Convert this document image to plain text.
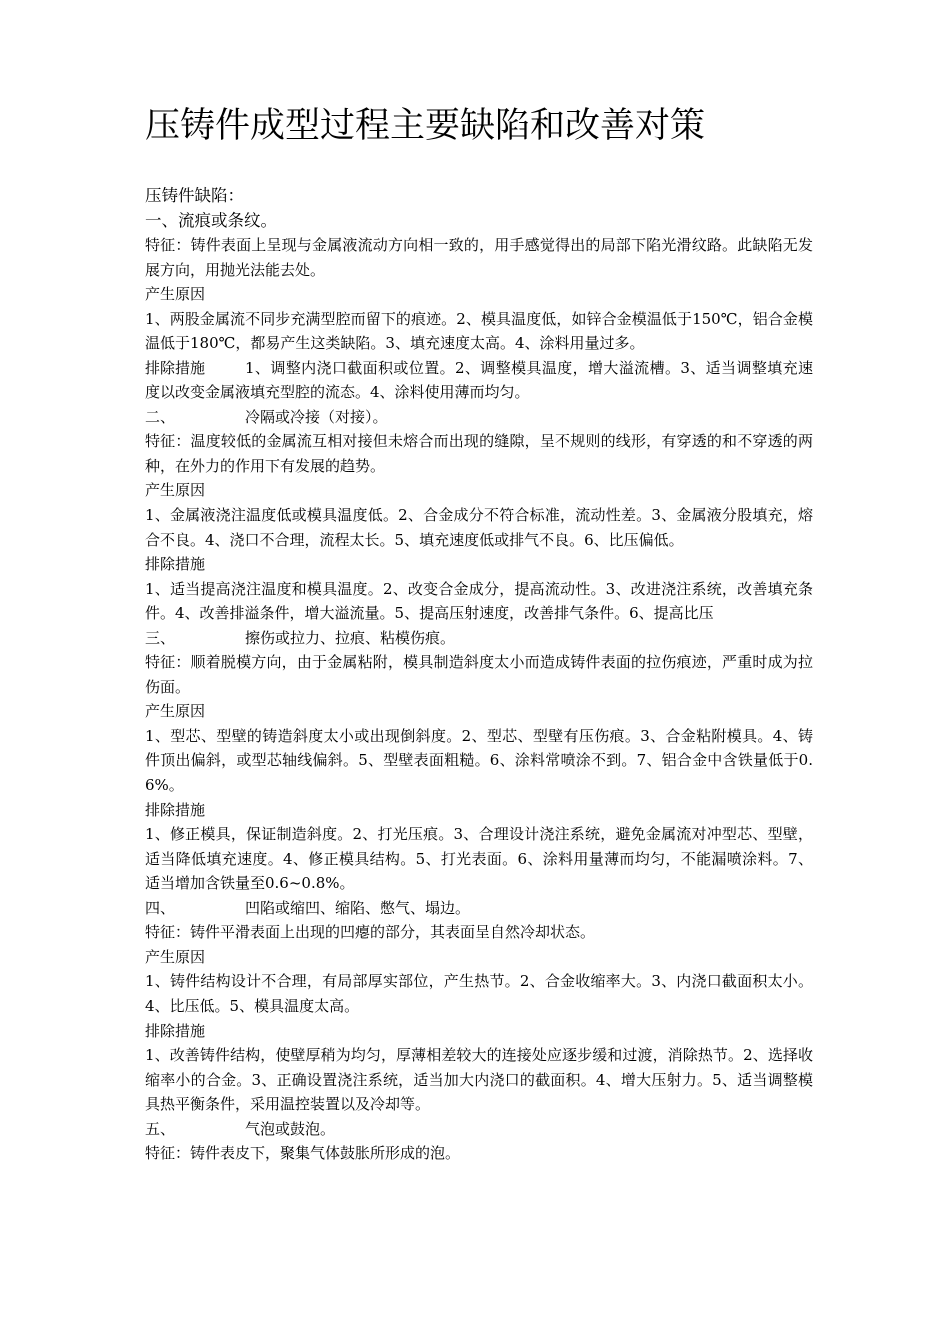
压铸件成型过程主要缺陷和改善对策

压铸件缺陷：

一、流痕或条纹。

特征：铸件表面上呈现与金属液流动方向相一致的，用手感觉得出的局部下陷光滑纹路。此缺陷无发展方向，用抛光法能去处。

产生原因

1、两股金属流不同步充满型腔而留下的痕迹。2、模具温度低，如锌合金模温低于150℃，铝合金模温低于180℃，都易产生这类缺陷。3、填充速度太高。4、涂料用量过多。

排除措施	1、调整内浇口截面积或位置。2、调整模具温度，增大溢流槽。3、适当调整填充速度以改变金属液填充型腔的流态。4、涂料使用薄而均匀。

二、	冷隔或冷接（对接）。

特征：温度较低的金属流互相对接但未熔合而出现的缝隙，呈不规则的线形，有穿透的和不穿透的两种，在外力的作用下有发展的趋势。

产生原因

1、金属液浇注温度低或模具温度低。2、合金成分不符合标准，流动性差。3、金属液分股填充，熔合不良。4、浇口不合理，流程太长。5、填充速度低或排气不良。6、比压偏低。

排除措施

1、适当提高浇注温度和模具温度。2、改变合金成分，提高流动性。3、改进浇注系统，改善填充条件。4、改善排溢条件，增大溢流量。5、提高压射速度，改善排气条件。6、提高比压

三、	擦伤或拉力、拉痕、粘模伤痕。

特征：顺着脱模方向，由于金属粘附，模具制造斜度太小而造成铸件表面的拉伤痕迹，严重时成为拉伤面。

产生原因

1、型芯、型壁的铸造斜度太小或出现倒斜度。2、型芯、型壁有压伤痕。3、合金粘附模具。4、铸件顶出偏斜，或型芯轴线偏斜。5、型壁表面粗糙。6、涂料常喷涂不到。7、铝合金中含铁量低于0.6%。

排除措施

1、修正模具，保证制造斜度。2、打光压痕。3、合理设计浇注系统，避免金属流对冲型芯、型壁，适当降低填充速度。4、修正模具结构。5、打光表面。6、涂料用量薄而均匀，不能漏喷涂料。7、适当增加含铁量至0.6~0.8%。

四、	凹陷或缩凹、缩陷、憋气、塌边。

特征：铸件平滑表面上出现的凹瘪的部分，其表面呈自然冷却状态。

产生原因

1、铸件结构设计不合理，有局部厚实部位，产生热节。2、合金收缩率大。3、内浇口截面积太小。4、比压低。5、模具温度太高。

排除措施

1、改善铸件结构，使壁厚稍为均匀，厚薄相差较大的连接处应逐步缓和过渡，消除热节。2、选择收缩率小的合金。3、正确设置浇注系统，适当加大内浇口的截面积。4、增大压射力。5、适当调整模具热平衡条件，采用温控装置以及冷却等。

五、	气泡或鼓泡。

特征：铸件表皮下，聚集气体鼓胀所形成的泡。
